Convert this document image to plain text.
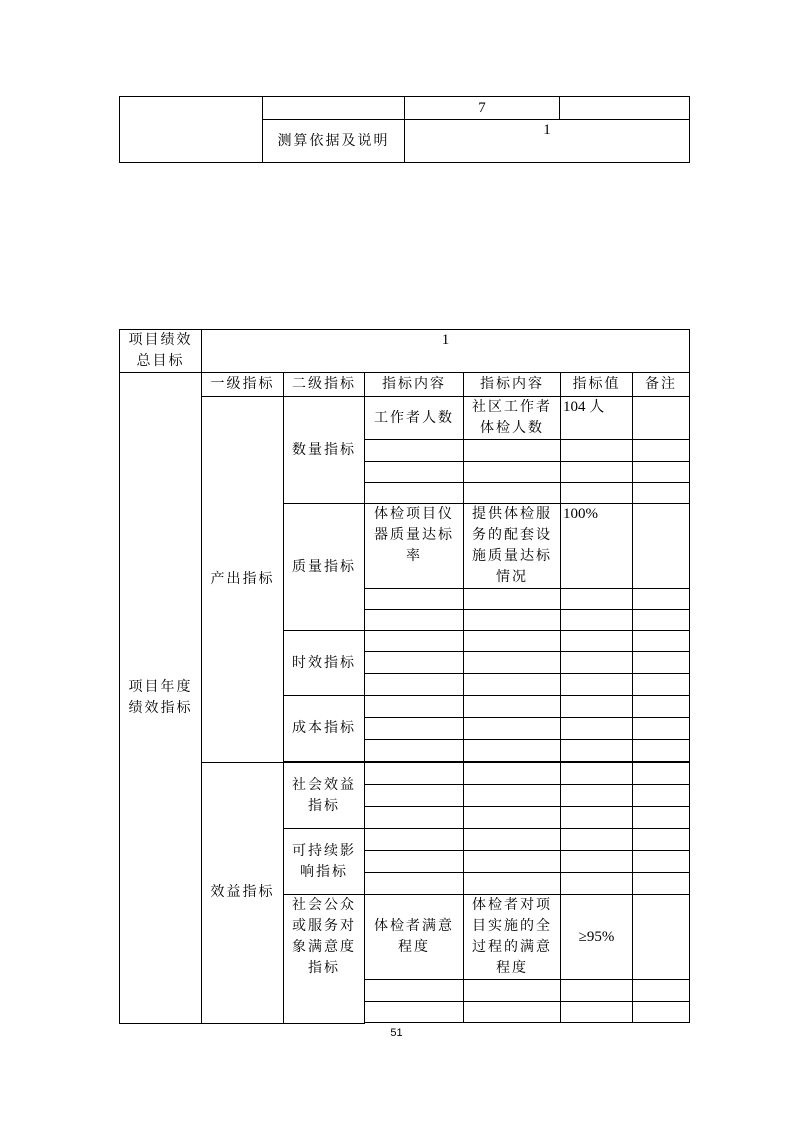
		7	
	测算依据及说明	1	
项目绩效总目标	1					
项目年度绩效指标	一级指标	二级指标	指标内容	指标内容	指标值	备注
	产出指标	数量指标	工作者人数	社区工作者体检人数	104 人	

		质量指标	体检项目仪器质量达标率	提供体检服务的配套设施质量达标情况	100%	

		时效指标				

		成本指标				

	效益指标	社会效益指标				

		可持续影响指标				

		社会公众或服务对象满意度指标	体检者满意程度	体检者对项目实施的全过程的满意程度	≥95%	

51
